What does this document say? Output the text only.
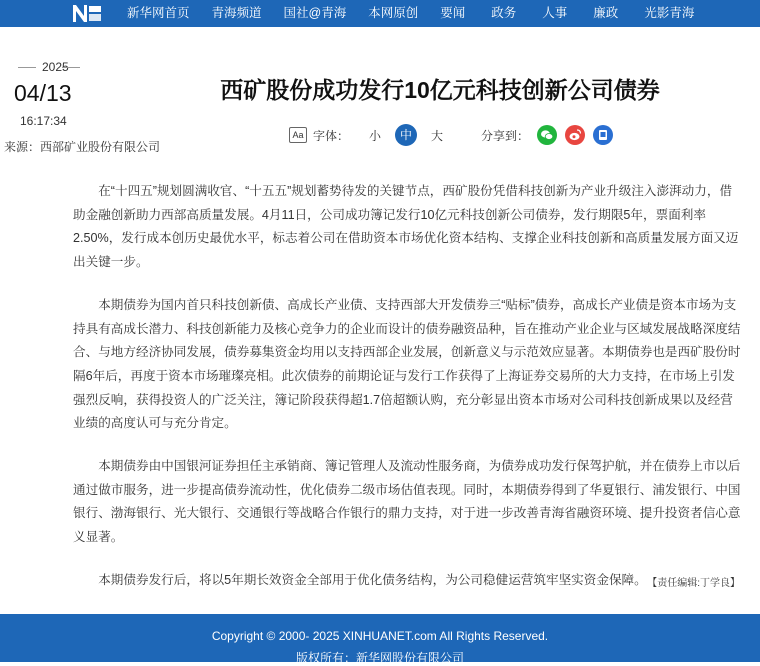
新华网首页 青海频道 国社@青海 本网原创 要闻 政务 人事 廉政 光影青海
2025
04/13
16:17:34
来源：西部矿业股份有限公司
西矿股份成功发行10亿元科技创新公司债券
Aa 字体： 小	中	大	分享到：

在“十四五”规划圆满收官、“十五五”规划蓄势待发的关键节点，西矿股份凭借科技创新为产业升级注入澎湃动力，借助金融创新助力西部高质量发展。4月11日，公司成功簿记发行10亿元科技创新公司债券，发行期限5年，票面利率2.50%，发行成本创历史最优水平，标志着公司在借助资本市场优化资本结构、支撑企业科技创新和高质量发展方面又迈出关键一步。

本期债券为国内首只科技创新债、高成长产业债、支持西部大开发债券三“贴标”债券，高成长产业债是资本市场为支持具有高成长潜力、科技创新能力及核心竞争力的企业而设计的债券融资品种，旨在推动产业企业与区域发展战略深度结合、与地方经济协同发展，债券募集资金均用以支持西部企业发展，创新意义与示范效应显著。本期债券也是西矿股份时隔6年后，再度于资本市场璀璨亮相。此次债券的前期论证与发行工作获得了上海证券交易所的大力支持，在市场上引发强烈反响，获得投资人的广泛关注，簿记阶段获得超1.7倍超额认购，充分彰显出资本市场对公司科技创新成果以及经营业绩的高度认可与充分肯定。

本期债券由中国银河证券担任主承销商、簿记管理人及流动性服务商，为债券成功发行保驾护航，并在债券上市以后通过做市服务，进一步提高债券流动性，优化债券二级市场估值表现。同时，本期债券得到了华夏银行、浦发银行、中国银行、渤海银行、光大银行、交通银行等战略合作银行的鼎力支持，对于进一步改善青海省融资环境、提升投资者信心意义显著。

本期债券发行后，将以5年期长效资金全部用于优化债务结构，为公司稳健运营筑牢坚实资金保障。 【责任编辑:丁学良】
Copyright © 2000- 2025 XINHUANET.com All Rights Reserved.
版权所有：新华网股份有限公司
